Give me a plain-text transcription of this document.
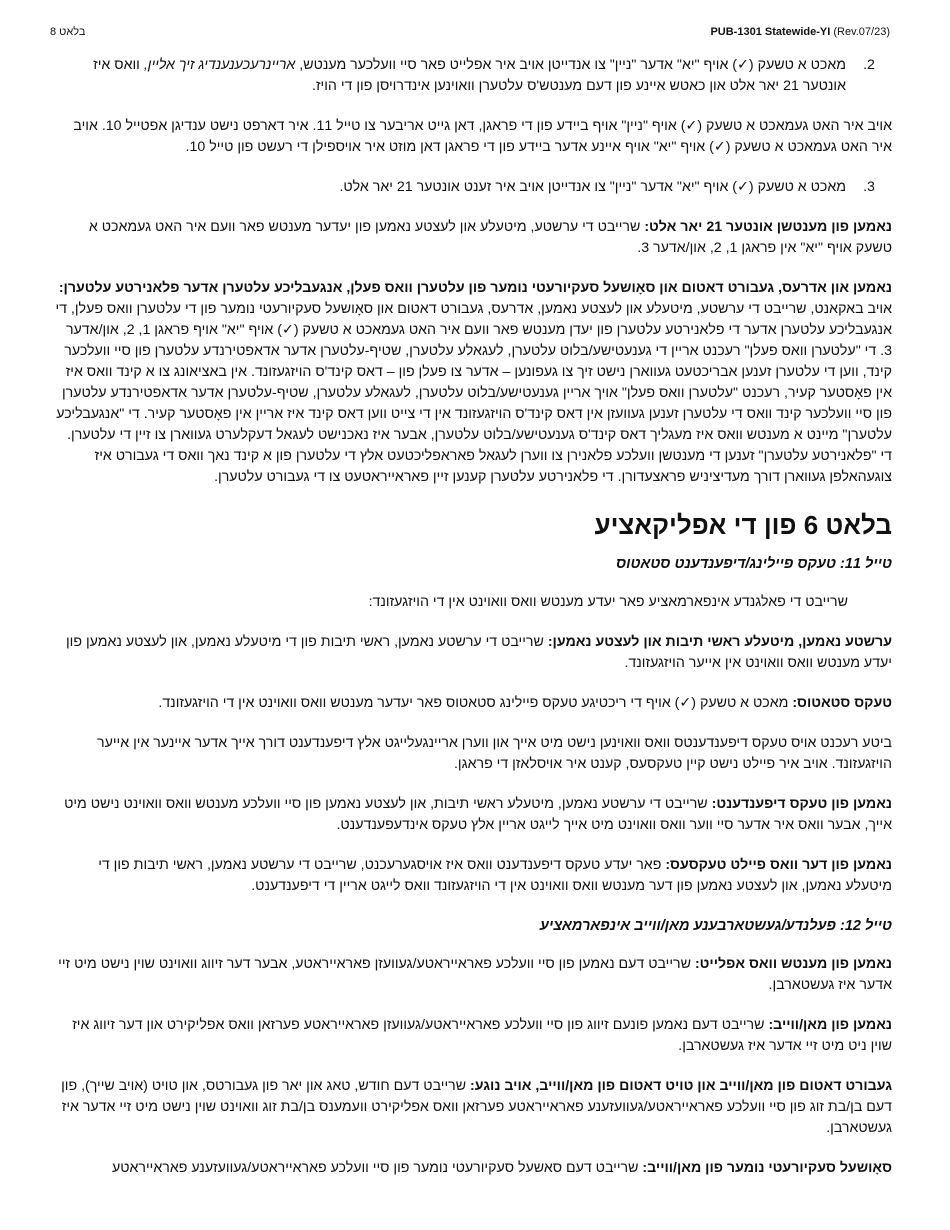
בלאט 8	PUB-1301 Statewide-YI (Rev.07/23)
2.
מאכט א טשעק (✓) אויף "יא" אדער "ניין" צו אנדייטן אויב איר אפלייט פאר סיי וועלכער מענטש, אריינרעכענענדיג זיך אליין, וואס איז אונטער 21 יאר אלט און כאטש איינע פון דעם מענטש'ס עלטערן וואוינען אינדרויסן פון די הויז.

אויב איר האט געמאכט א טשעק (✓) אויף "ניין" אויף ביידע פון די פראגן, דאן גייט אריבער צו טייל 11. איר דארפט נישט ענדיגן אפטייל 10. אויב איר האט געמאכט א טשעק (✓) אויף "יא" אויף איינע אדער ביידע פון די פראגן דאן מוזט איר אויספילן די רעשט פון טייל 10.

3.
מאכט א טשעק (✓) אויף "יא" אדער "ניין" צו אנדייטן אויב איר זענט אונטער 21 יאר אלט.

נאמען פון מענטשן אונטער 21 יאר אלט: שרייבט די ערשטע, מיטעלע און לעצטע נאמען פון יעדער מענטש פאר וועם איר האט געמאכט א טשעק אויף "יא" אין פראגן 1, 2, און/אדער 3.

נאמען און אדרעס, געבורט דאטום און סאָושעל סעקיורעטי נומער פון עלטערן וואס פעלן, אנגעבליכע עלטערן אדער פלאנירטע עלטערן: אויב באקאנט, שרייבט די ערשטע, מיטעלע און לעצטע נאמען, אדרעס, געבורט דאטום און סאָושעל סעקיורעטי נומער פון די עלטערן וואס פעלן, די אנגעבליכע עלטערן אדער די פלאנירטע עלטערן פון יעדן מענטש פאר וועם איר האט געמאכט א טשעק (✓) אויף "יא" אויף פראגן 1, 2, און/אדער 3. די "עלטערן וואס פעלן" רעכנט אריין די גענעטישע/בלוט עלטערן, לעגאלע עלטערן, שטיף-עלטערן אדער אדאפטירנדע עלטערן פון סיי וועלכער קינד, ווען די עלטערן זענען אבריכטעט געווארן נישט זיך צו געפונען – אדער צו פעלן פון – דאס קינד'ס הויזגעזונד. אין באציאונג צו א קינד וואס איז אין פאָסטער קעיר, רעכנט "עלטערן וואס פעלן" אויך אריין גענעטישע/בלוט עלטערן, לעגאלע עלטערן, שטיף-עלטערן אדער אדאפטירנדע עלטערן פון סיי וועלכער קינד וואס די עלטערן זענען געוועזן אין דאס קינד'ס הויזגעזונד אין די צייט ווען דאס קינד איז אריין אין פאָסטער קעיר. די "אנגעבליכע עלטערן" מיינט א מענטש וואס איז מעגליך דאס קינד'ס גענעטישע/בלוט עלטערן, אבער איז נאכנישט לעגאל דעקלערט געווארן צו זיין די עלטערן. די "פלאנירטע עלטערן" זענען די מענטשן וועלכע פלאנירן צו ווערן לעגאל פאראפליכטעט אלץ די עלטערן פון א קינד נאך וואס די געבורט איז צוגעהאלפן געווארן דורך מעדיציניש פראצעדורן. די פלאנירטע עלטערן קענען זיין פאראייראטעט צו די געבורט עלטערן.

בלאט 6 פון די אפליקאציע
טייל 11: טעקס פיילינג/דיפענדענט סטאטוס

שרייבט די פאלגנדע אינפארמאציע פאר יעדע מענטש וואס וואוינט אין די הויזגעזונד:

ערשטע נאמען, מיטעלע ראשי תיבות און לעצטע נאמען: שרייבט די ערשטע נאמען, ראשי תיבות פון די מיטעלע נאמען, און לעצטע נאמען פון יעדע מענטש וואס וואוינט אין אייער הויזגעזונד.

טעקס סטאטוס: מאכט א טשעק (✓) אויף די ריכטיגע טעקס פיילינג סטאטוס פאר יעדער מענטש וואס וואוינט אין די הויזגעזונד.

ביטע רעכנט אויס טעקס דיפענדענטס וואס וואוינען נישט מיט אייך און ווערן אריינגעלייגט אלץ דיפענדענט דורך אייך אדער איינער אין אייער הויזגעזונד. אויב איר פיילט נישט קיין טעקסעס, קענט איר אויסלאזן די פראגן.

נאמען פון טעקס דיפענדענט: שרייבט די ערשטע נאמען, מיטעלע ראשי תיבות, און לעצטע נאמען פון סיי וועלכע מענטש וואס וואוינט נישט מיט אייך, אבער וואס איר אדער סיי ווער וואס וואוינט מיט אייך לייגט אריין אלץ טעקס אינדעפענדענט.

נאמען פון דער וואס פיילט טעקסעס: פאר יעדע טעקס דיפענדענט וואס איז אויסגערעכנט, שרייבט די ערשטע נאמען, ראשי תיבות פון די מיטעלע נאמען, און לעצטע נאמען פון דער מענטש וואס וואוינט אין די הויזגעזונד וואס לייגט אריין די דיפענדענט.

טייל 12: פעלנדע/געשטארבענע מאן/ווייב אינפארמאציע

נאמען פון מענטש וואס אפלייט: שרייבט דעם נאמען פון סיי וועלכע פאראייראטע/געוועזן פאראייראטע, אבער דער זיווג וואוינט שוין נישט מיט זיי אדער איז געשטארבן.

נאמען פון מאן/ווייב: שרייבט דעם נאמען פונעם זיווג פון סיי וועלכע פאראייראטע/געוועזן פאראייראטע פערזאן וואס אפליקירט און דער זיווג איז שוין ניט מיט זיי אדער איז געשטארבן.

געבורט דאטום פון מאן/ווייב און טויט דאטום פון מאן/ווייב, אויב נוגע: שרייבט דעם חודש, טאג און יאר פון געבורטס, און טויט (אויב שייך), פון דעם בן/בת זוג פון סיי וועלכע פאראייראטע/געוועזענע פאראייראטע פערזאן וואס אפליקירט וועמענס בן/בת זוג וואוינט שוין נישט מיט זיי אדער איז געשטארבן.

סאָושעל סעקיורעטי נומער פון מאן/ווייב: שרייבט דעם סאשעל סעקיורעטי נומער פון סיי וועלכע פאראייראטע/געוועזענע פאראייראטע
